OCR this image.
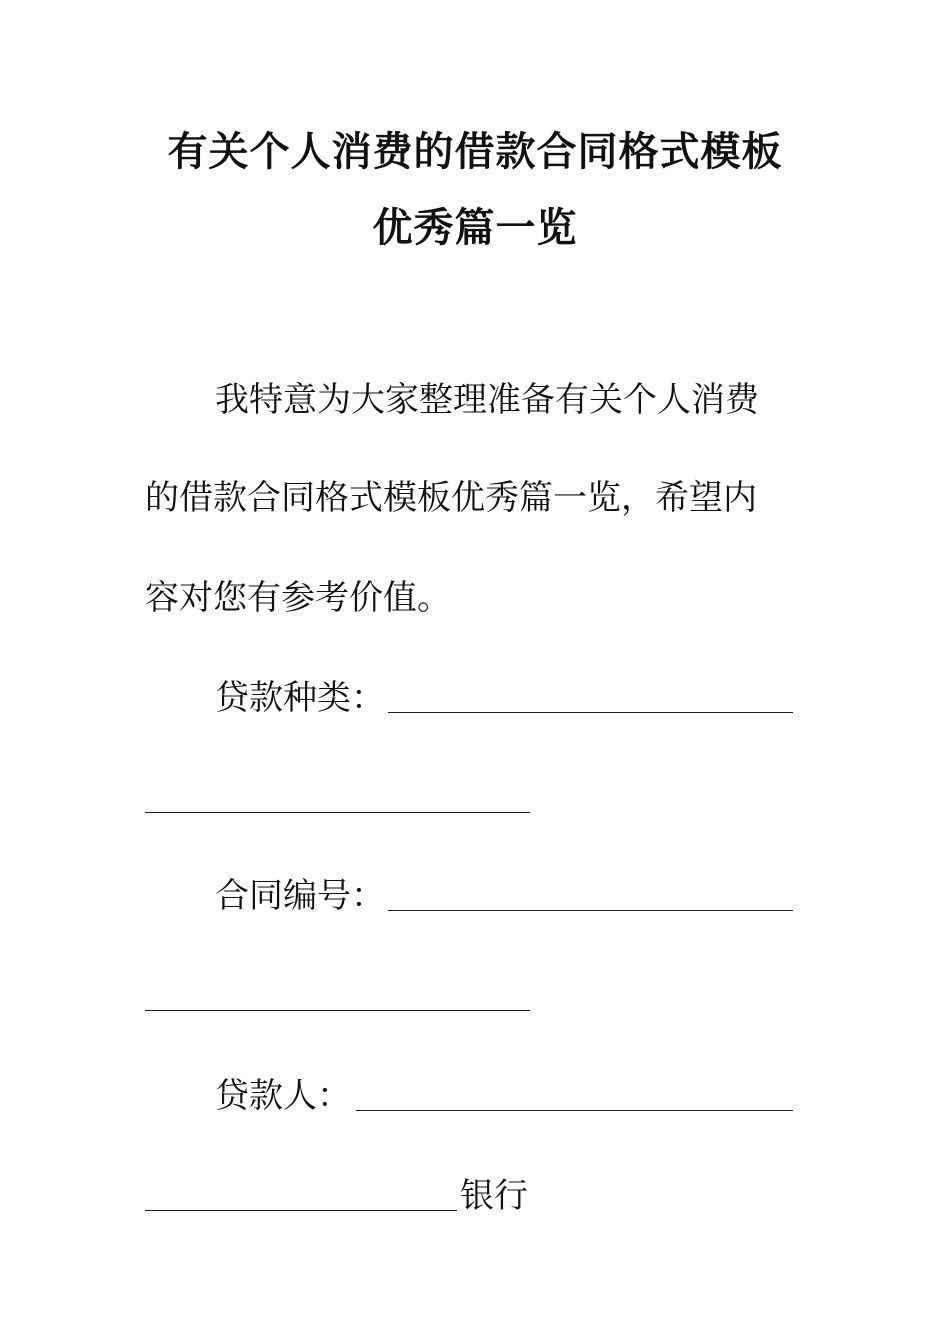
有关个人消费的借款合同格式模板
优秀篇一览
我特意为大家整理准备有关个人消费
的借款合同格式模板优秀篇一览，希望内
容对您有参考价值。
贷款种类：
合同编号：
贷款人：
银行
